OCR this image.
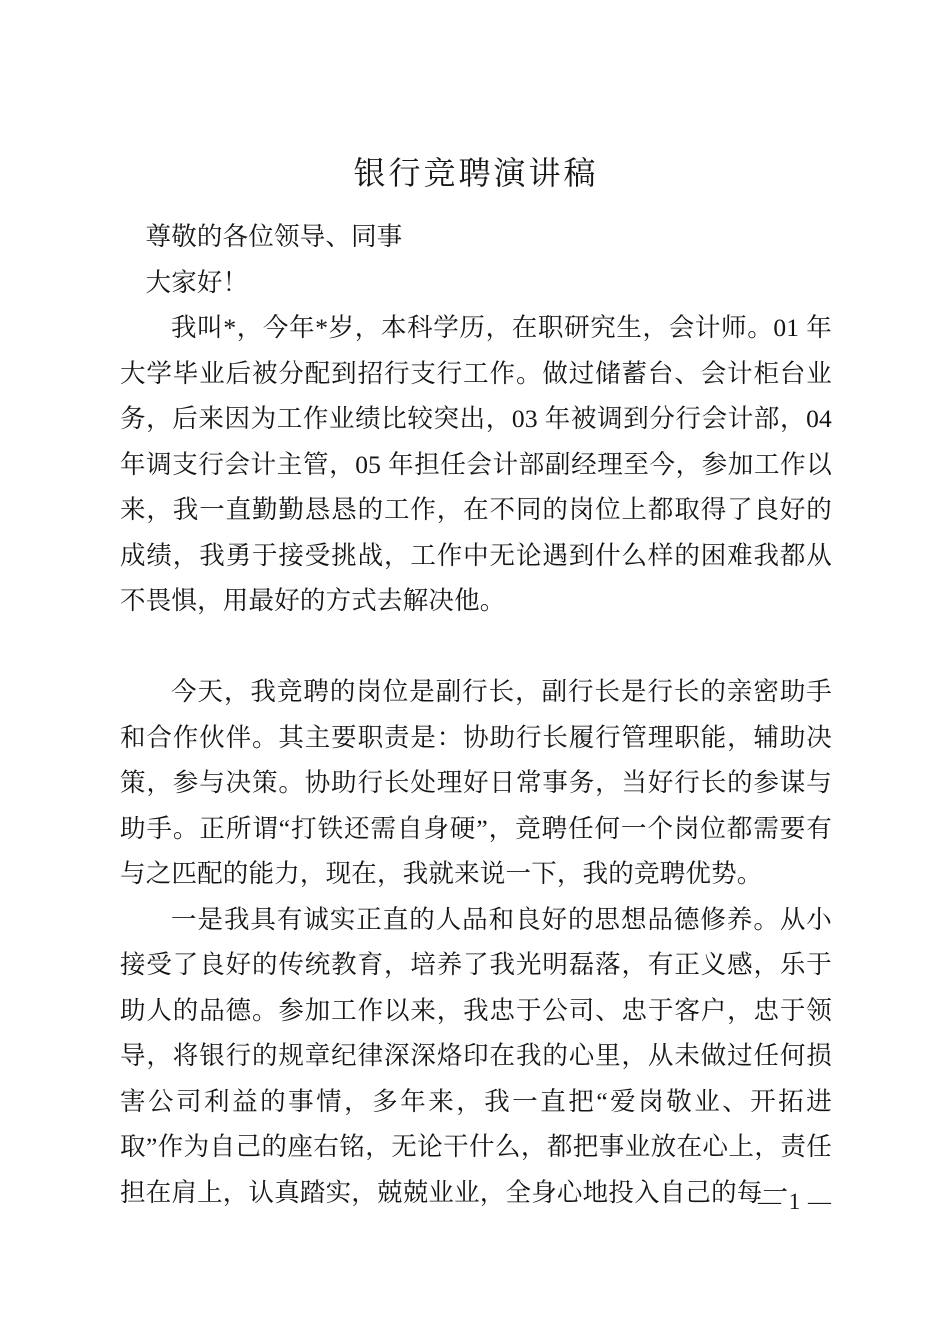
银行竞聘演讲稿

尊敬的各位领导、同事

大家好！

我叫*，今年*岁，本科学历，在职研究生，会计师。01 年大学毕业后被分配到招行支行工作。做过储蓄台、会计柜台业务，后来因为工作业绩比较突出，03 年被调到分行会计部，04 年调支行会计主管，05 年担任会计部副经理至今，参加工作以来，我一直勤勤恳恳的工作，在不同的岗位上都取得了良好的成绩，我勇于接受挑战，工作中无论遇到什么样的困难我都从不畏惧，用最好的方式去解决他。

今天，我竞聘的岗位是副行长，副行长是行长的亲密助手和合作伙伴。其主要职责是：协助行长履行管理职能，辅助决策，参与决策。协助行长处理好日常事务，当好行长的参谋与助手。正所谓“打铁还需自身硬”，竞聘任何一个岗位都需要有与之匹配的能力，现在，我就来说一下，我的竞聘优势。

一是我具有诚实正直的人品和良好的思想品德修养。从小接受了良好的传统教育，培养了我光明磊落，有正义感，乐于助人的品德。参加工作以来，我忠于公司、忠于客户，忠于领导，将银行的规章纪律深深烙印在我的心里，从未做过任何损害公司利益的事情，多年来，我一直把“爱岗敬业、开拓进取”作为自己的座右铭，无论干什么，都把事业放在心上，责任担在肩上，认真踏实，兢兢业业，全身心地投入自己的每一

— 1 —
